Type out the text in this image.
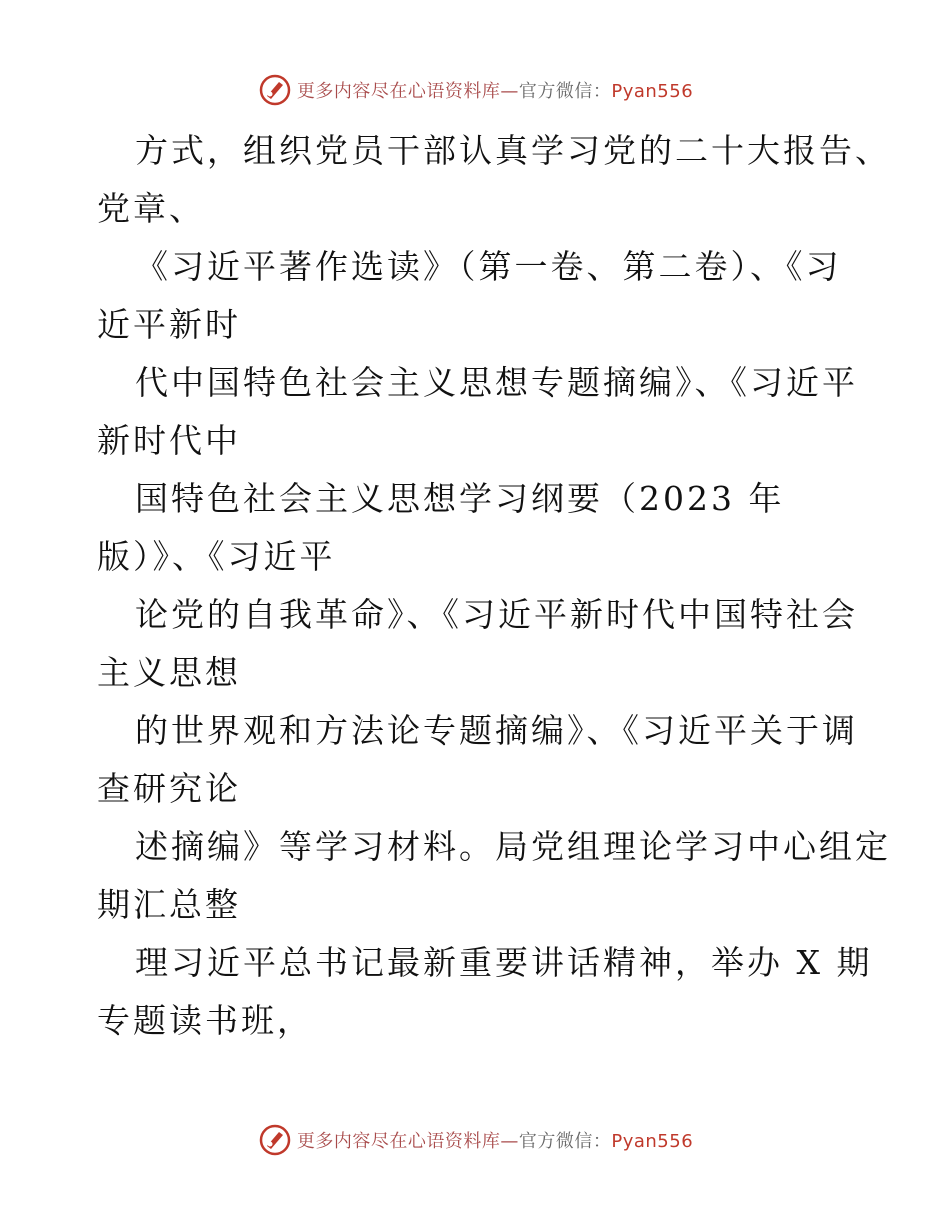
更多内容尽在心语资料库—官方微信：Pyan556
方式，组织党员干部认真学习党的二十大报告、
党章、
《习近平著作选读》（第一卷、第二卷）、《习
近平新时
代中国特色社会主义思想专题摘编》、《习近平
新时代中
国特色社会主义思想学习纲要（2023 年
版）》、《习近平
论党的自我革命》、《习近平新时代中国特社会
主义思想
的世界观和方法论专题摘编》、《习近平关于调
查研究论
述摘编》等学习材料。局党组理论学习中心组定
期汇总整
理习近平总书记最新重要讲话精神，举办 X 期
专题读书班，
更多内容尽在心语资料库—官方微信：Pyan556
